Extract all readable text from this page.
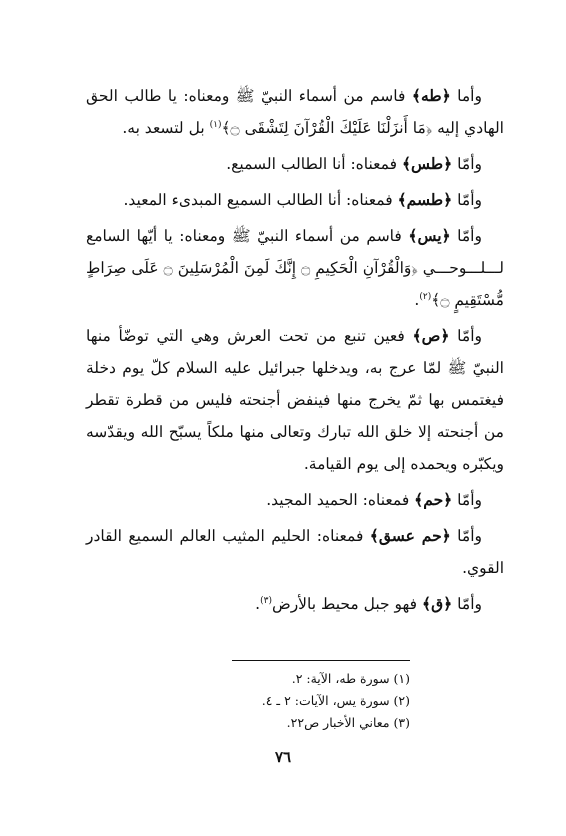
وأما ﴿طه﴾ فاسم من أسماء النبيّ ﷺ ومعناه: يا طالب الحق الهادي إليه ﴿مَا أَنزَلْنَا عَلَيْكَ الْقُرْآنَ لِتَشْقَى ۝﴾$^{(١)}$ بل لتسعد به.

وأمّا ﴿طس﴾ فمعناه: أنا الطالب السميع.

وأمّا ﴿طسم﴾ فمعناه: أنا الطالب السميع المبدىء المعيد.

وأمّا ﴿يس﴾ فاسم من أسماء النبيّ ﷺ ومعناه: يا أيّها السامع لـــلـــوحـــي ﴿وَالْقُرْآنِ الْحَكِيمِ ۝ إِنَّكَ لَمِنَ الْمُرْسَلِينَ ۝ عَلَى صِرَاطٍ مُّسْتَقِيمٍ ۝﴾$^{(٢)}$.

وأمّا ﴿ص﴾ فعين تنبع من تحت العرش وهي التي توضّأ منها النبيّ ﷺ لمّا عرج به، ويدخلها جبرائيل عليه السلام كلّ يوم دخلة فيغتمس بها ثمّ يخرج منها فينفض أجنحته فليس من قطرة تقطر من أجنحته إلا خلق الله تبارك وتعالى منها ملكاً يسبّح الله ويقدّسه ويكبّره ويحمده إلى يوم القيامة.

وأمّا ﴿حم﴾ فمعناه: الحميد المجيد.

وأمّا ﴿حم عسق﴾ فمعناه: الحليم المثيب العالم السميع القادر القوي.

وأمّا ﴿ق﴾ فهو جبل محيط بالأرض$^{(٣)}$.

(١) سورة طه، الآية: ٢.
(٢) سورة يس، الآيات: ٢ ـ ٤.
(٣) معاني الأخبار ص٢٢.
٧٦
